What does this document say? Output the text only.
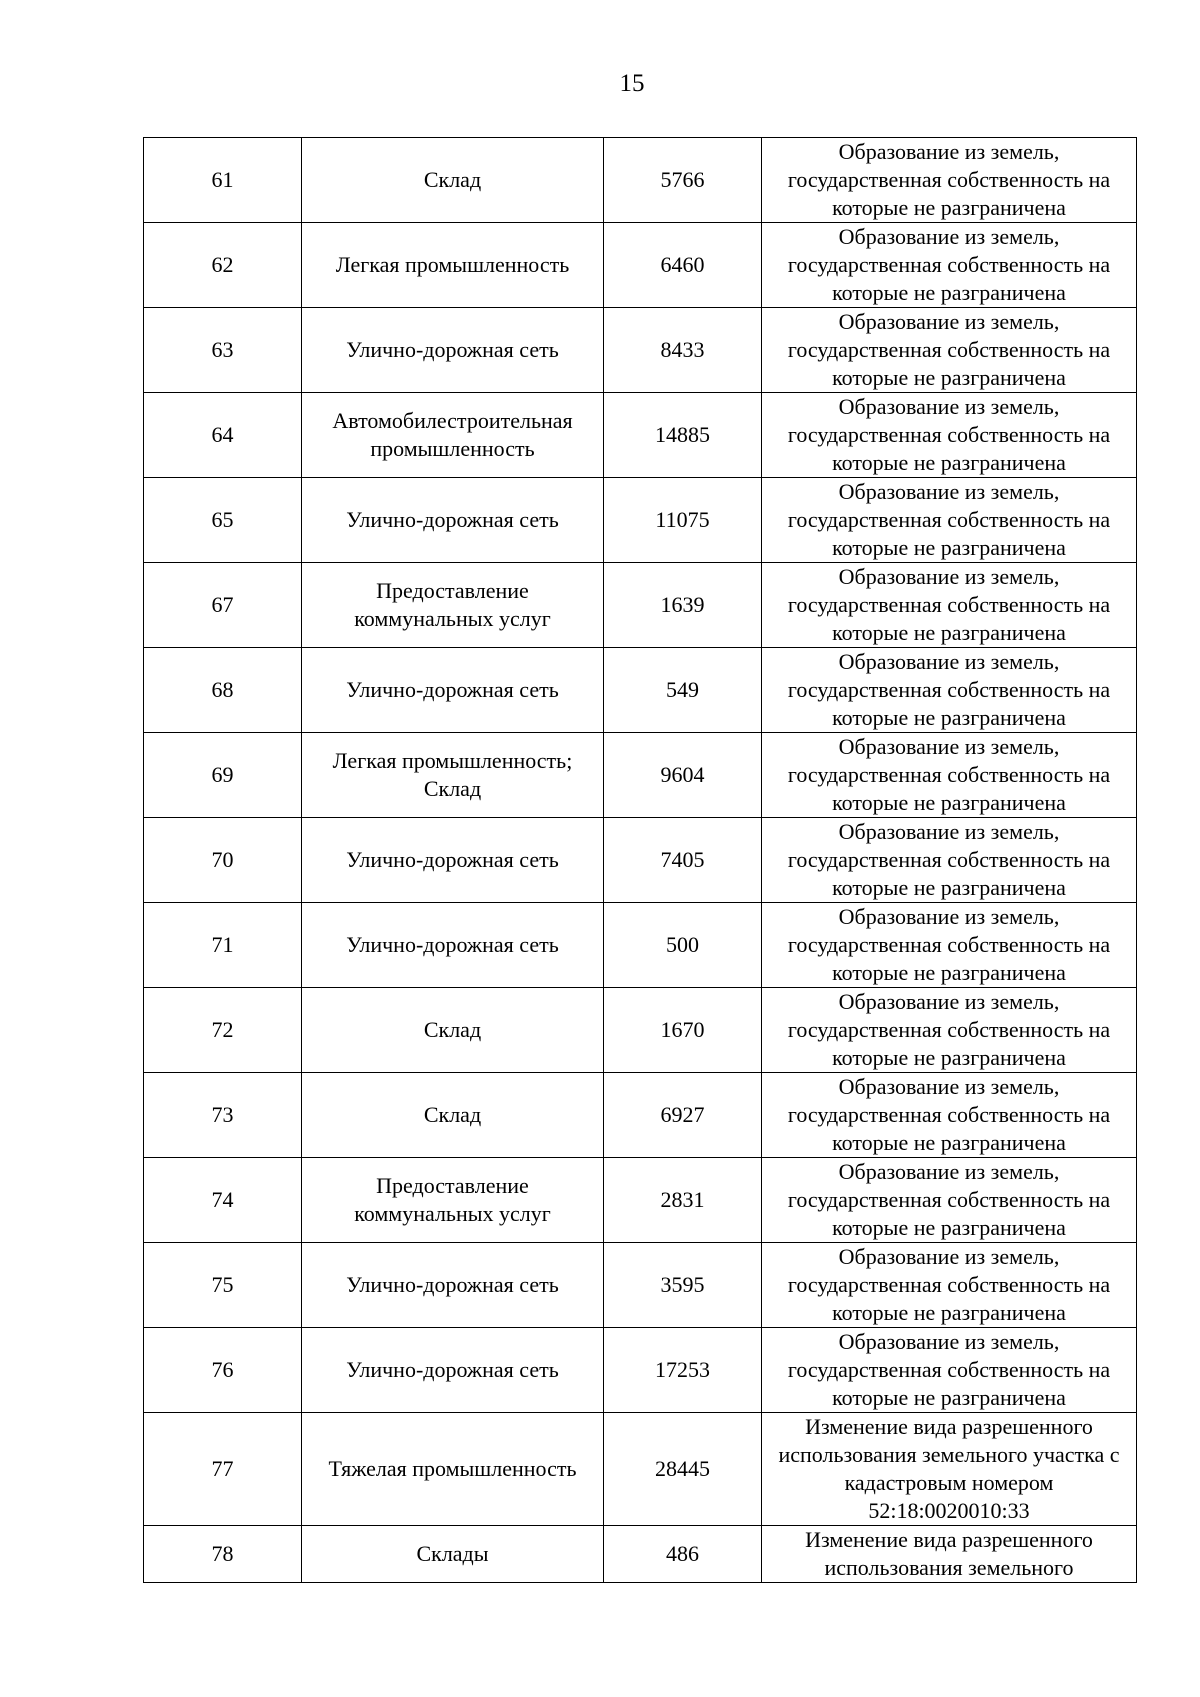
15
61	Склад	5766	Образование из земель, государственная собственность на которые не разграничена
62	Легкая промышленность	6460	Образование из земель, государственная собственность на которые не разграничена
63	Улично-дорожная сеть	8433	Образование из земель, государственная собственность на которые не разграничена
64	Автомобилестроительная промышленность	14885	Образование из земель, государственная собственность на которые не разграничена
65	Улично-дорожная сеть	11075	Образование из земель, государственная собственность на которые не разграничена
67	Предоставление коммунальных услуг	1639	Образование из земель, государственная собственность на которые не разграничена
68	Улично-дорожная сеть	549	Образование из земель, государственная собственность на которые не разграничена
69	Легкая промышленность; Склад	9604	Образование из земель, государственная собственность на которые не разграничена
70	Улично-дорожная сеть	7405	Образование из земель, государственная собственность на которые не разграничена
71	Улично-дорожная сеть	500	Образование из земель, государственная собственность на которые не разграничена
72	Склад	1670	Образование из земель, государственная собственность на которые не разграничена
73	Склад	6927	Образование из земель, государственная собственность на которые не разграничена
74	Предоставление коммунальных услуг	2831	Образование из земель, государственная собственность на которые не разграничена
75	Улично-дорожная сеть	3595	Образование из земель, государственная собственность на которые не разграничена
76	Улично-дорожная сеть	17253	Образование из земель, государственная собственность на которые не разграничена
77	Тяжелая промышленность	28445	Изменение вида разрешенного использования земельного участка с кадастровым номером 52:18:0020010:33
78	Склады	486	Изменение вида разрешенного использования земельного
